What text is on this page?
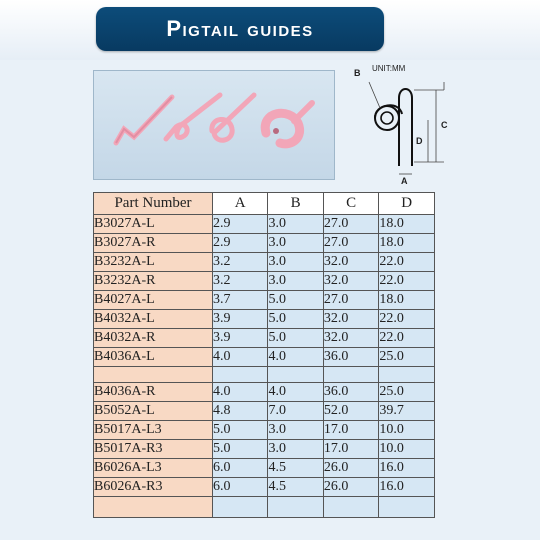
Pigtail guides
UNIT:MM
C
D
B
A
Part Number	A	B	C	D
B3027A-L	2.9	3.0	27.0	18.0
B3027A-R	2.9	3.0	27.0	18.0
B3232A-L	3.2	3.0	32.0	22.0
B3232A-R	3.2	3.0	32.0	22.0
B4027A-L	3.7	5.0	27.0	18.0
B4032A-L	3.9	5.0	32.0	22.0
B4032A-R	3.9	5.0	32.0	22.0
B4036A-L	4.0	4.0	36.0	25.0

B4036A-R	4.0	4.0	36.0	25.0
B5052A-L	4.8	7.0	52.0	39.7
B5017A-L3	5.0	3.0	17.0	10.0
B5017A-R3	5.0	3.0	17.0	10.0
B6026A-L3	6.0	4.5	26.0	16.0
B6026A-R3	6.0	4.5	26.0	16.0
